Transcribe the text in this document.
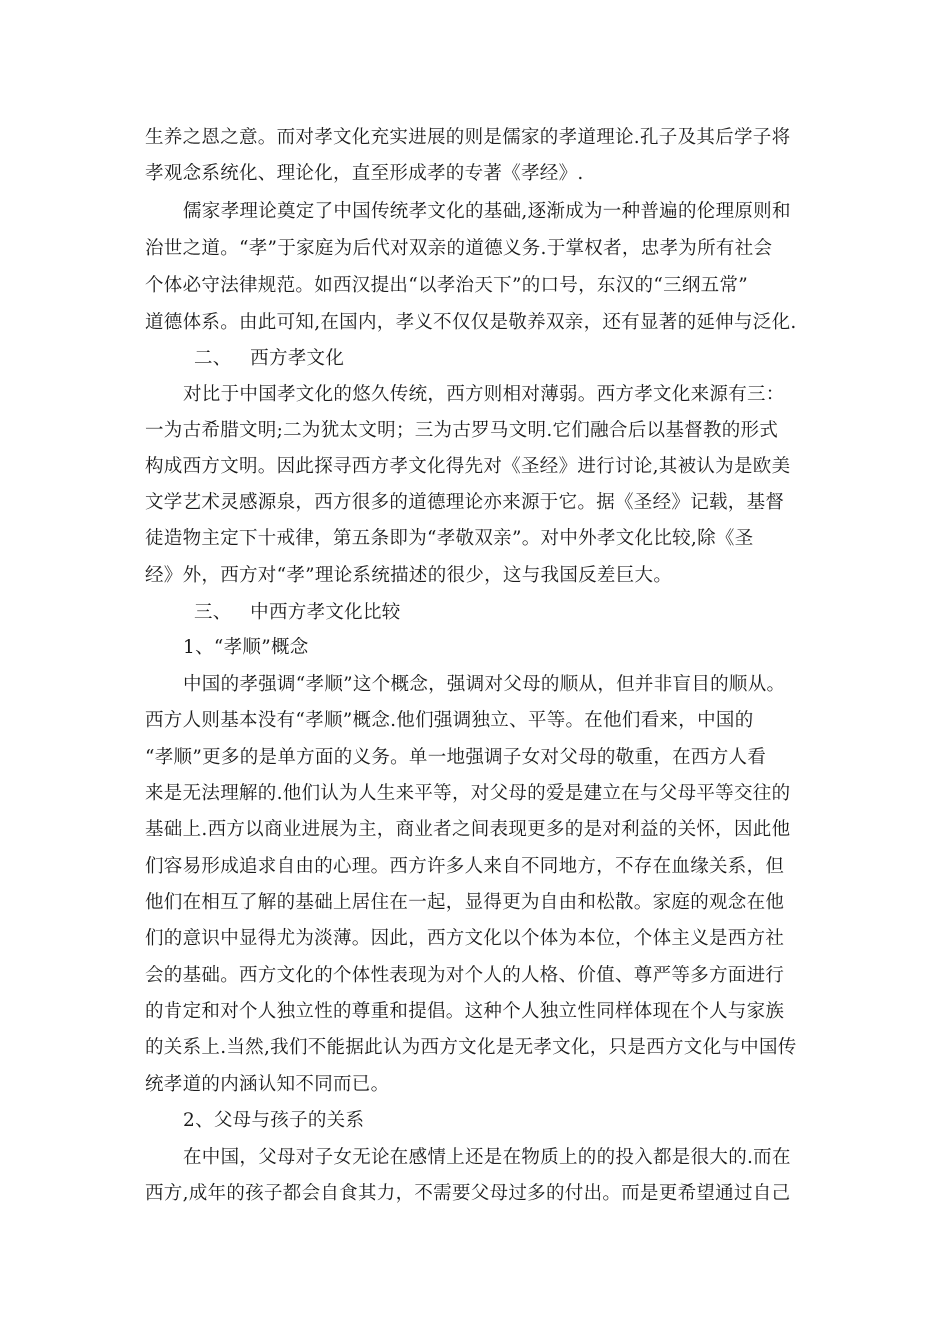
生养之恩之意。而对孝文化充实进展的则是儒家的孝道理论.孔子及其后学子将
孝观念系统化、理论化，直至形成孝的专著《孝经》.
儒家孝理论奠定了中国传统孝文化的基础,逐渐成为一种普遍的伦理原则和
治世之道。“孝”于家庭为后代对双亲的道德义务.于掌权者，忠孝为所有社会
个体必守法律规范。如西汉提出“以孝治天下”的口号，东汉的“三纲五常”
道德体系。由此可知,在国内，孝义不仅仅是敬养双亲，还有显著的延伸与泛化.
二、   西方孝文化
对比于中国孝文化的悠久传统，西方则相对薄弱。西方孝文化来源有三：
一为古希腊文明;二为犹太文明；三为古罗马文明.它们融合后以基督教的形式
构成西方文明。因此探寻西方孝文化得先对《圣经》进行讨论,其被认为是欧美
文学艺术灵感源泉，西方很多的道德理论亦来源于它。据《圣经》记载，基督
徒造物主定下十戒律，第五条即为“孝敬双亲”。对中外孝文化比较,除《圣
经》外，西方对“孝”理论系统描述的很少，这与我国反差巨大。
三、   中西方孝文化比较
1、“孝顺”概念
中国的孝强调“孝顺”这个概念，强调对父母的顺从，但并非盲目的顺从。
西方人则基本没有“孝顺”概念.他们强调独立、平等。在他们看来，中国的
“孝顺”更多的是单方面的义务。单一地强调子女对父母的敬重，在西方人看
来是无法理解的.他们认为人生来平等，对父母的爱是建立在与父母平等交往的
基础上.西方以商业进展为主，商业者之间表现更多的是对利益的关怀，因此他
们容易形成追求自由的心理。西方许多人来自不同地方，不存在血缘关系，但
他们在相互了解的基础上居住在一起，显得更为自由和松散。家庭的观念在他
们的意识中显得尤为淡薄。因此，西方文化以个体为本位，个体主义是西方社
会的基础。西方文化的个体性表现为对个人的人格、价值、尊严等多方面进行
的肯定和对个人独立性的尊重和提倡。这种个人独立性同样体现在个人与家族
的关系上.当然,我们不能据此认为西方文化是无孝文化，只是西方文化与中国传
统孝道的内涵认知不同而已。
2、父母与孩子的关系
在中国，父母对子女无论在感情上还是在物质上的的投入都是很大的.而在
西方,成年的孩子都会自食其力，不需要父母过多的付出。而是更希望通过自己
